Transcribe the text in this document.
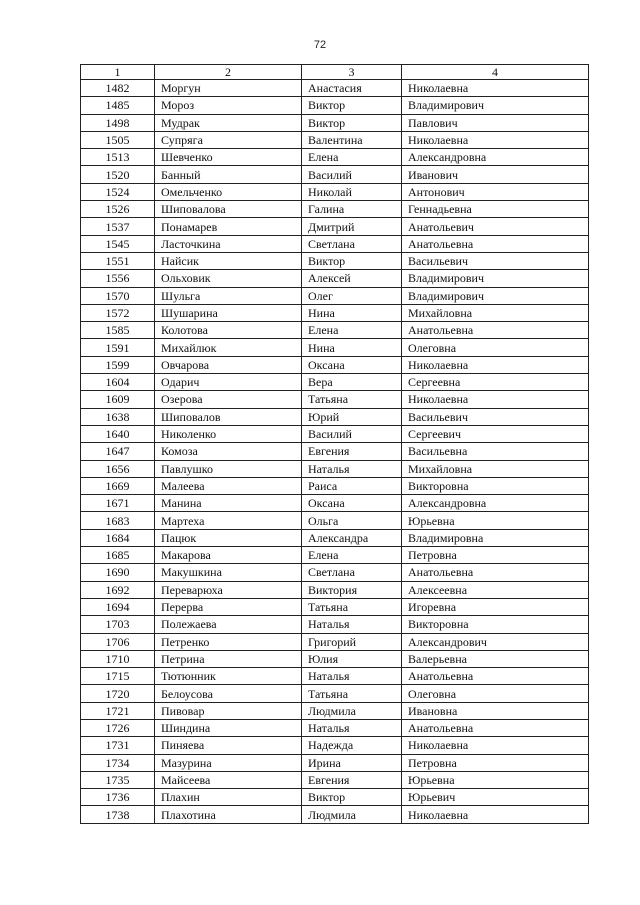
72
1	2	3	4
1482	Моргун	Анастасия	Николаевна
1485	Мороз	Виктор	Владимирович
1498	Мудрак	Виктор	Павлович
1505	Супряга	Валентина	Николаевна
1513	Шевченко	Елена	Александровна
1520	Банный	Василий	Иванович
1524	Омельченко	Николай	Антонович
1526	Шиповалова	Галина	Геннадьевна
1537	Понамарев	Дмитрий	Анатольевич
1545	Ласточкина	Светлана	Анатольевна
1551	Найсик	Виктор	Васильевич
1556	Ольховик	Алексей	Владимирович
1570	Шульга	Олег	Владимирович
1572	Шушарина	Нина	Михайловна
1585	Колотова	Елена	Анатольевна
1591	Михайлюк	Нина	Олеговна
1599	Овчарова	Оксана	Николаевна
1604	Одарич	Вера	Сергеевна
1609	Озерова	Татьяна	Николаевна
1638	Шиповалов	Юрий	Васильевич
1640	Николенко	Василий	Сергеевич
1647	Комоза	Евгения	Васильевна
1656	Павлушко	Наталья	Михайловна
1669	Малеева	Раиса	Викторовна
1671	Манина	Оксана	Александровна
1683	Мартеха	Ольга	Юрьевна
1684	Пацюк	Александра	Владимировна
1685	Макарова	Елена	Петровна
1690	Макушкина	Светлана	Анатольевна
1692	Переварюха	Виктория	Алексеевна
1694	Перерва	Татьяна	Игоревна
1703	Полежаева	Наталья	Викторовна
1706	Петренко	Григорий	Александрович
1710	Петрина	Юлия	Валерьевна
1715	Тютюнник	Наталья	Анатольевна
1720	Белоусова	Татьяна	Олеговна
1721	Пивовар	Людмила	Ивановна
1726	Шиндина	Наталья	Анатольевна
1731	Пиняева	Надежда	Николаевна
1734	Мазурина	Ирина	Петровна
1735	Майсеева	Евгения	Юрьевна
1736	Плахин	Виктор	Юрьевич
1738	Плахотина	Людмила	Николаевна
